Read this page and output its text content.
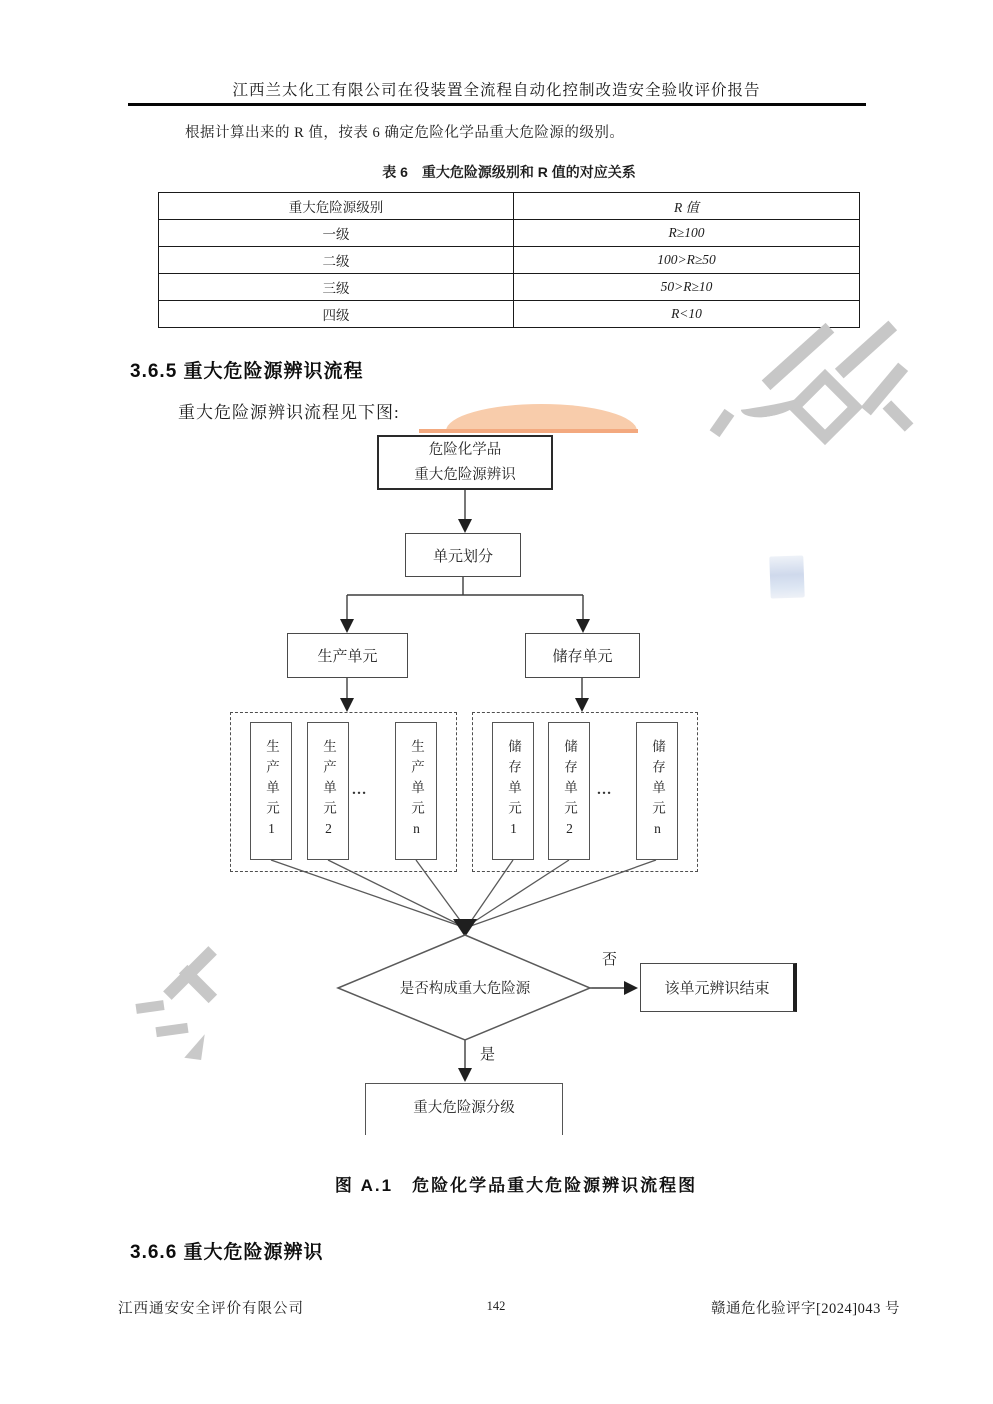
江西兰太化工有限公司在役装置全流程自动化控制改造安全验收评价报告
根据计算出来的 R 值，按表 6 确定危险化学品重大危险源的级别。
表 6　重大危险源级别和 R 值的对应关系
重大危险源级别	R 值
一级	R≥100
二级	100>R≥50
三级	50>R≥10
四级	R<10
3.6.5 重大危险源辨识流程
重大危险源辨识流程见下图:
危险化学品
重大危险源辨识
单元划分
生产单元	储存单元
生产单元1	生产单元2	…	生产单元n	储存单元1	储存单元2	…	储存单元n
是否构成重大危险源
否
是
该单元辨识结束
重大危险源分级
图 A.1　危险化学品重大危险源辨识流程图
3.6.6 重大危险源辨识
江西通安安全评价有限公司	142	赣通危化验评字[2024]043 号
